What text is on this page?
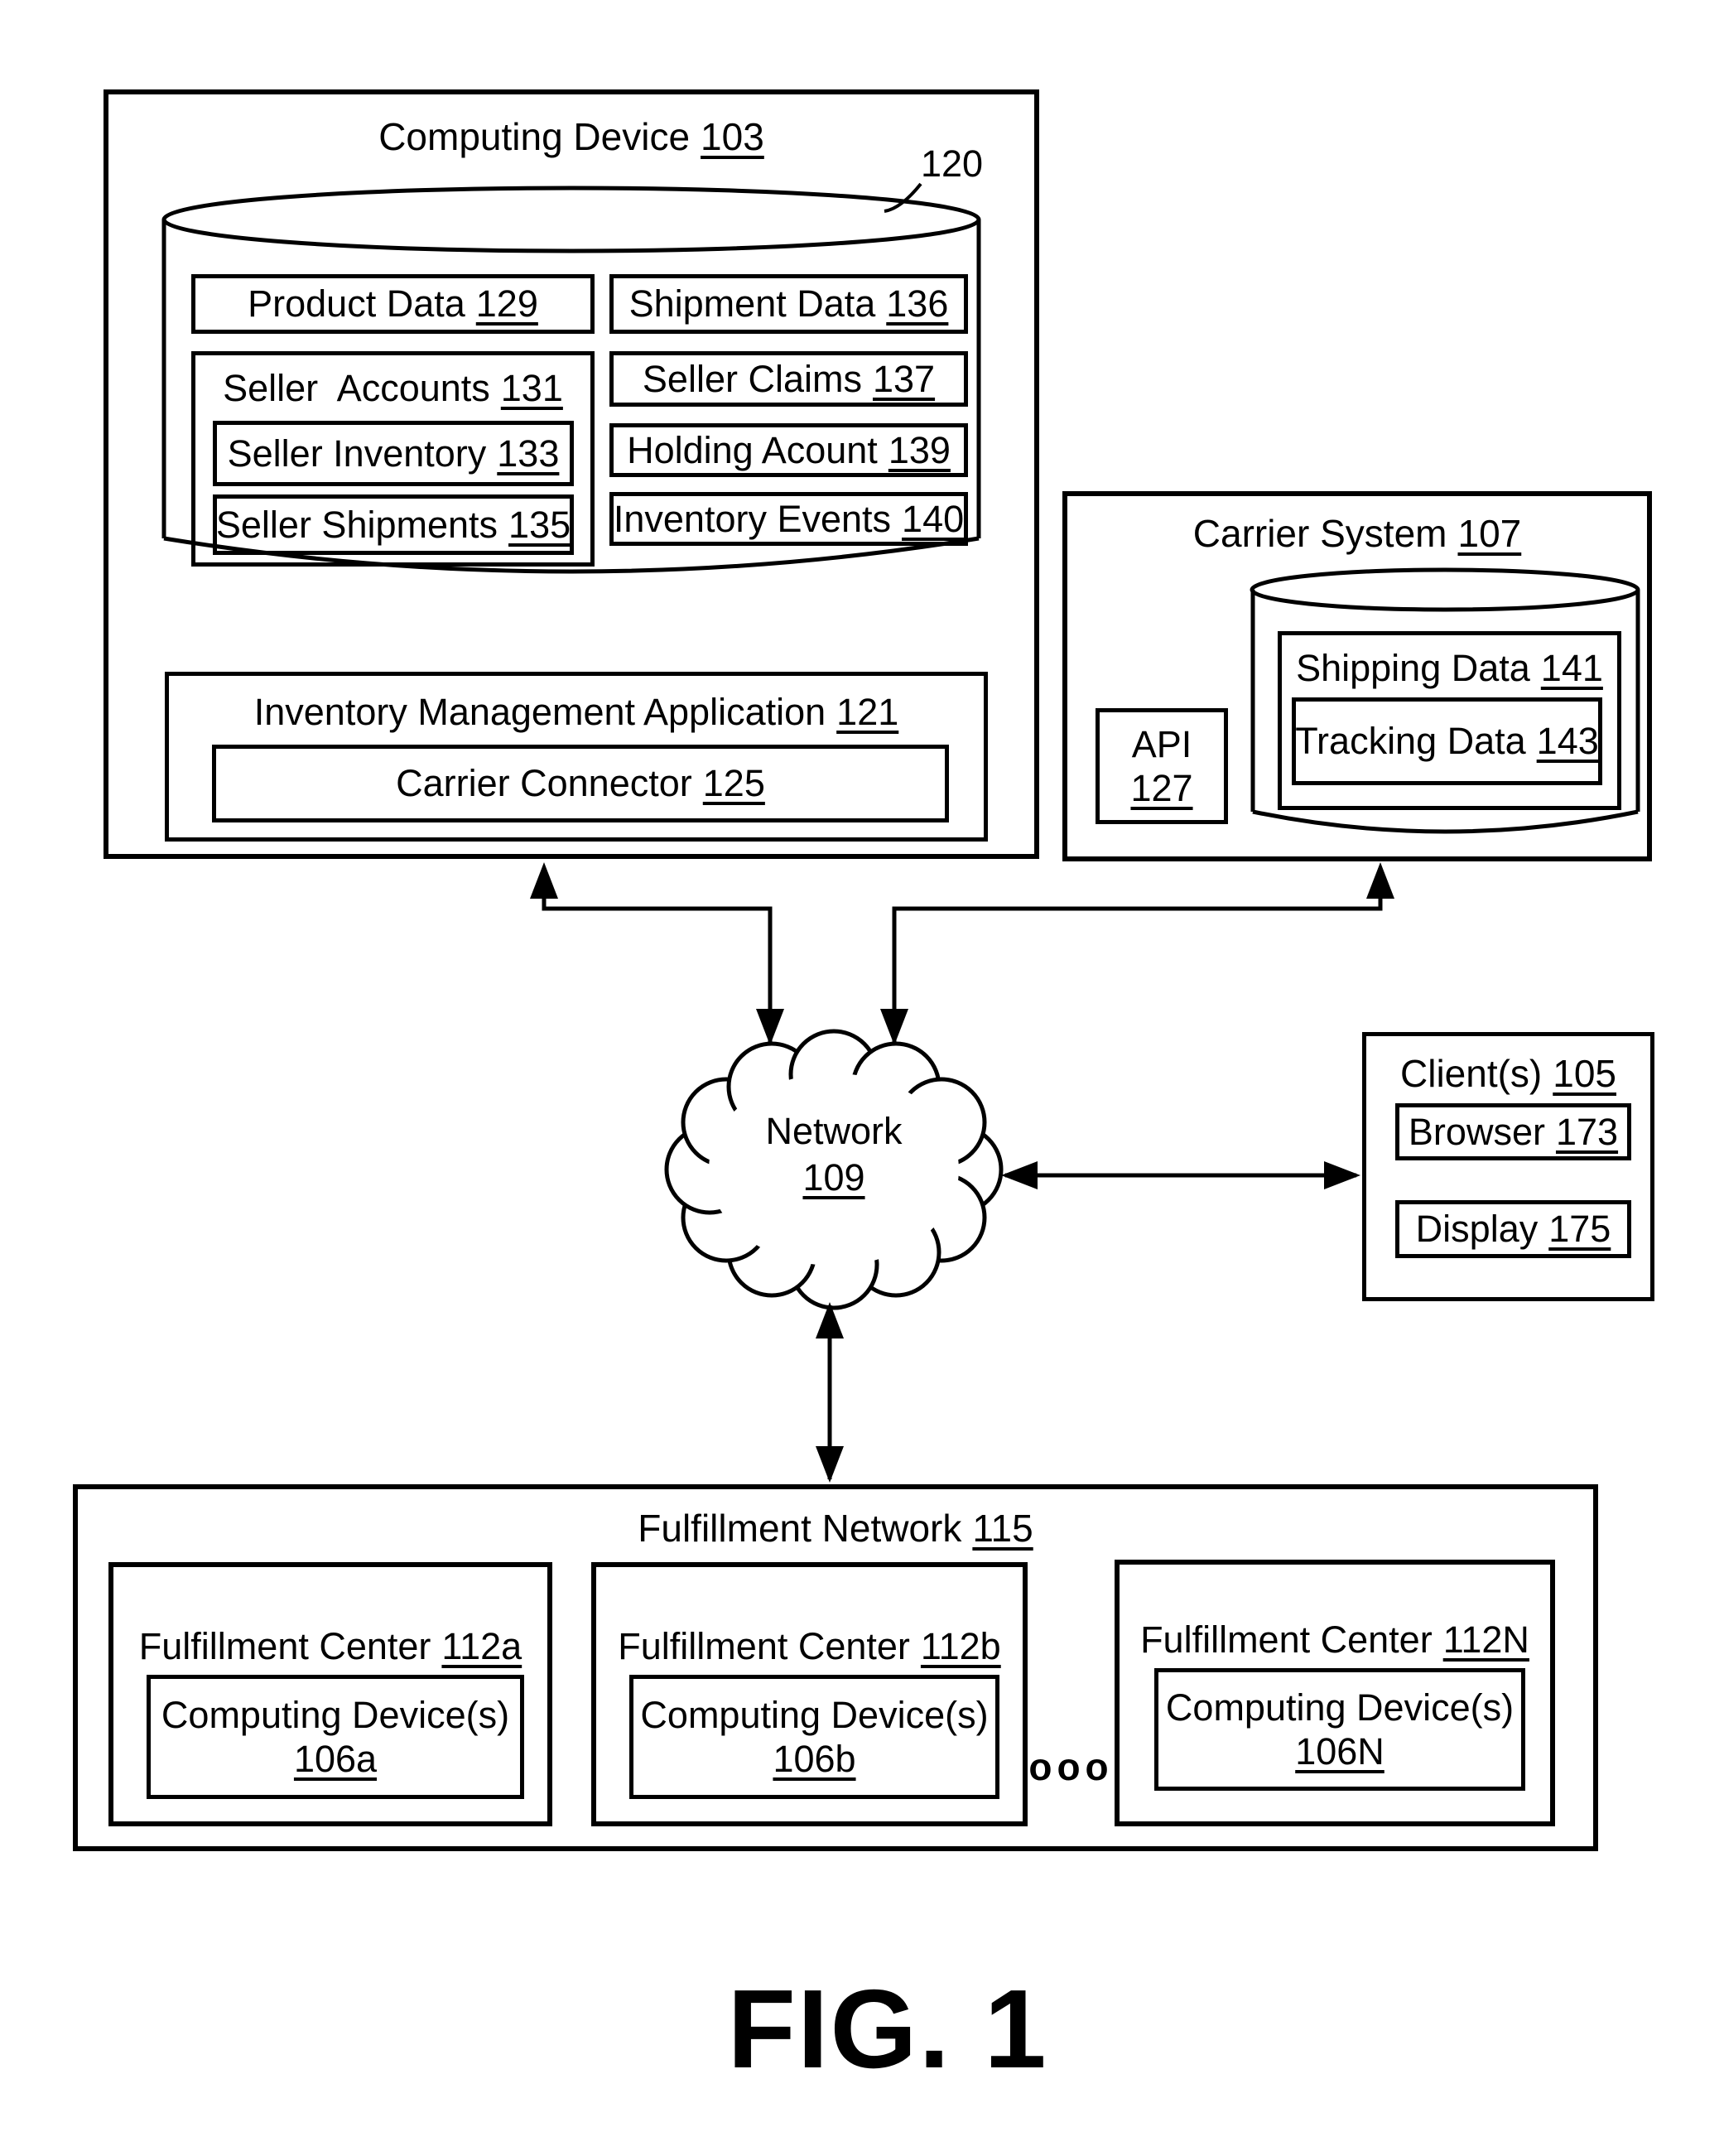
Computing Device 103
Product Data 129 Shipment Data 136
Seller  Accounts 131
Seller Inventory 133
Seller Shipments 135
Seller Claims 137
Holding Acount 139
Inventory Events 140
Inventory Management Application 121
Carrier Connector 125
120
Carrier System 107
API
127
Shipping Data 141
Tracking Data 143
Network
109
Client(s) 105
Browser 173
Display 175
Fulfillment Network 115
Fulfillment Center 112a
Computing Device(s)
106a
Fulfillment Center 112b
Computing Device(s)
106b
Fulfillment Center 112N
Computing Device(s)
106N
ooo
FIG. 1
